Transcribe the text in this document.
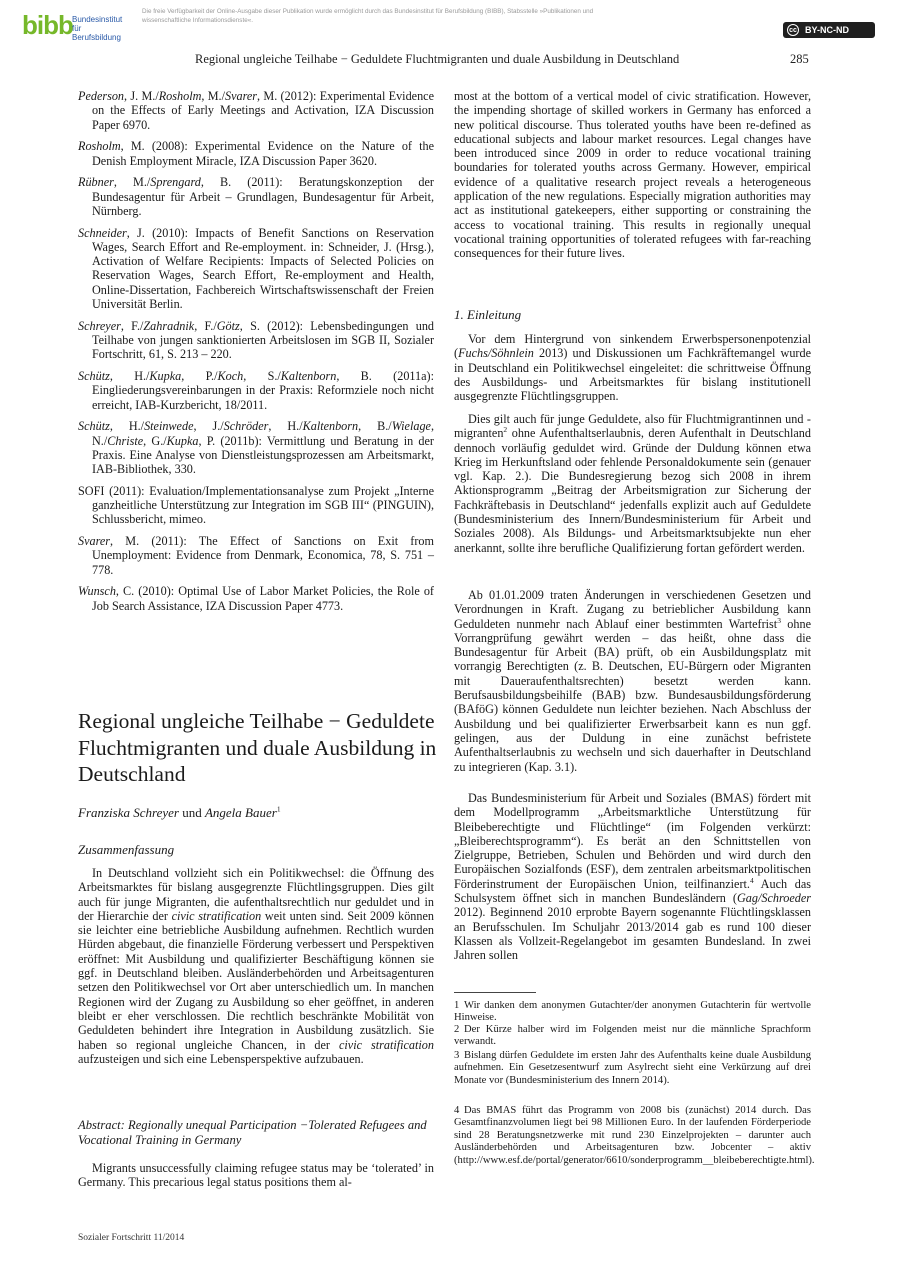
bibb Bundesinstitut für
Berufsbildung
Die freie Verfügbarkeit der Online-Ausgabe dieser Publikation wurde ermöglicht durch das Bundesinstitut für Berufsbildung (BIBB), Stabsstelle »Publikationen und wissenschaftliche Informationsdienste«.
cc BY-NC-ND
Regional ungleiche Teilhabe − Geduldete Fluchtmigranten und duale Ausbildung in Deutschland	285

Pederson, J. M./Rosholm, M./Svarer, M. (2012): Experimental Evidence on the Effects of Early Meetings and Activation, IZA Discussion Paper 6970.

Rosholm, M. (2008): Experimental Evidence on the Nature of the Denish Employment Miracle, IZA Discussion Paper 3620.

Rübner, M./Sprengard, B. (2011): Beratungskonzeption der Bundesagentur für Arbeit – Grundlagen, Bundesagentur für Arbeit, Nürnberg.

Schneider, J. (2010): Impacts of Benefit Sanctions on Reservation Wages, Search Effort and Re-employment. in: Schneider, J. (Hrsg.), Activation of Welfare Recipients: Impacts of Selected Policies on Reservation Wages, Search Effort, Re-employment and Health, Online-Dissertation, Fachbereich Wirtschaftswissenschaft der Freien Universität Berlin.

Schreyer, F./Zahradnik, F./Götz, S. (2012): Lebensbedingungen und Teilhabe von jungen sanktionierten Arbeitslosen im SGB II, Sozialer Fortschritt, 61, S. 213 – 220.

Schütz, H./Kupka, P./Koch, S./Kaltenborn, B. (2011a): Eingliederungsvereinbarungen in der Praxis: Reformziele noch nicht erreicht, IAB-Kurzbericht, 18/2011.

Schütz, H./Steinwede, J./Schröder, H./Kaltenborn, B./Wielage, N./Christe, G./Kupka, P. (2011b): Vermittlung und Beratung in der Praxis. Eine Analyse von Dienstleistungsprozessen am Arbeitsmarkt, IAB-Bibliothek, 330.

SOFI (2011): Evaluation/Implementationsanalyse zum Projekt „Interne ganzheitliche Unterstützung zur Integration im SGB III“ (PINGUIN), Schlussbericht, mimeo.

Svarer, M. (2011): The Effect of Sanctions on Exit from Unemployment: Evidence from Denmark, Economica, 78, S. 751 – 778.

Wunsch, C. (2010): Optimal Use of Labor Market Policies, the Role of Job Search Assistance, IZA Discussion Paper 4773.

Regional ungleiche Teilhabe − Geduldete Fluchtmigranten und duale Ausbildung in Deutschland
Franziska Schreyer und Angela Bauer$^1$
Zusammenfassung
In Deutschland vollzieht sich ein Politikwechsel: die Öffnung des Arbeitsmarktes für bislang ausgegrenzte Flüchtlingsgruppen. Dies gilt auch für junge Migranten, die aufenthaltsrechtlich nur geduldet und in der Hierarchie der civic stratification weit unten sind. Seit 2009 können sie leichter eine betriebliche Ausbildung aufnehmen. Rechtlich wurden Hürden abgebaut, die finanzielle Förderung verbessert und Perspektiven eröffnet: Mit Ausbildung und qualifizierter Beschäftigung können sie ggf. in Deutschland bleiben. Ausländerbehörden und Arbeitsagenturen setzen den Politikwechsel vor Ort aber unterschiedlich um. In manchen Regionen wird der Zugang zu Ausbildung so eher geöffnet, in anderen bleibt er eher verschlossen. Die rechtlich beschränkte Mobilität von Geduldeten behindert ihre Integration in Ausbildung zusätzlich. Sie haben so regional ungleiche Chancen, in der civic stratification aufzusteigen und sich eine Lebensperspektive aufzubauen.
Abstract: Regionally unequal Participation −Tolerated Refugees and Vocational Training in Germany
Migrants unsuccessfully claiming refugee status may be ‘tolerated’ in Germany. This precarious legal status positions them al-
most at the bottom of a vertical model of civic stratification. However, the impending shortage of skilled workers in Germany has enforced a new political discourse. Thus tolerated youths have been re-defined as educational subjects and labour market resources. Legal changes have been introduced since 2009 in order to reduce vocational training boundaries for tolerated youths across Germany. However, empirical evidence of a qualitative research project reveals a heterogeneous application of the new regulations. Especially migration authorities may act as institutional gatekeepers, either supporting or constraining the access to vocational training. This results in regionally unequal vocational training opportunities of tolerated refugees with far-reaching consequences for their future lives.
1. Einleitung
Vor dem Hintergrund von sinkendem Erwerbspersonenpotenzial (Fuchs/Söhnlein 2013) und Diskussionen um Fachkräftemangel wurde in Deutschland ein Politikwechsel eingeleitet: die schrittweise Öffnung des Ausbildungs- und Arbeitsmarktes für bislang institutionell ausgegrenzte Flüchtlingsgruppen.
Dies gilt auch für junge Geduldete, also für Fluchtmigrantinnen und -migranten$^2$ ohne Aufenthaltserlaubnis, deren Aufenthalt in Deutschland dennoch vorläufig geduldet wird. Gründe der Duldung können etwa Krieg im Herkunftsland oder fehlende Personaldokumente sein (genauer vgl. Kap. 2.). Die Bundesregierung bezog sich 2008 in ihrem Aktionsprogramm „Beitrag der Arbeitsmigration zur Sicherung der Fachkräftebasis in Deutschland“ jedenfalls explizit auch auf Geduldete (Bundesministerium des Innern/Bundesministerium für Arbeit und Soziales 2008). Als Bildungs- und Arbeitsmarktsubjekte nun eher anerkannt, sollte ihre berufliche Qualifizierung fortan gefördert werden.
Ab 01.01.2009 traten Änderungen in verschiedenen Gesetzen und Verordnungen in Kraft. Zugang zu betrieblicher Ausbildung kann Geduldeten nunmehr nach Ablauf einer bestimmten Wartefrist$^3$ ohne Vorrangprüfung gewährt werden – das heißt, ohne dass die Bundesagentur für Arbeit (BA) prüft, ob ein Ausbildungsplatz mit vorrangig Berechtigten (z. B. Deutschen, EU-Bürgern oder Migranten mit Daueraufenthaltsrechten) besetzt werden kann. Berufsausbildungsbeihilfe (BAB) bzw. Bundesausbildungsförderung (BAföG) können Geduldete nun leichter beziehen. Nach Abschluss der Ausbildung und bei qualifizierter Erwerbsarbeit kann es nun ggf. gelingen, aus der Duldung in eine zunächst befristete Aufenthaltserlaubnis zu wechseln und sich dauerhafter in Deutschland zu integrieren (Kap. 3.1).
Das Bundesministerium für Arbeit und Soziales (BMAS) fördert mit dem Modellprogramm „Arbeitsmarktliche Unterstützung für Bleibeberechtigte und Flüchtlinge“ (im Folgenden verkürzt: „Bleiberechtsprogramm“). Es berät an den Schnittstellen von Zielgruppe, Betrieben, Schulen und Behörden und wird durch den Europäischen Sozialfonds (ESF), dem zentralen arbeitsmarktpolitischen Förderinstrument der Europäischen Union, teilfinanziert.$^4$ Auch das Schulsystem öffnet sich in manchen Bundesländern (Gag/Schroeder 2012). Beginnend 2010 erprobte Bayern sogenannte Flüchtlingsklassen an Berufsschulen. Im Schuljahr 2013/2014 gab es rund 100 dieser Klassen als Vollzeit-Regelangebot im gesamten Bundesland. In zwei Jahren sollen
1 Wir danken dem anonymen Gutachter/der anonymen Gutachterin für wertvolle Hinweise.
2 Der Kürze halber wird im Folgenden meist nur die männliche Sprachform verwandt.
3 Bislang dürfen Geduldete im ersten Jahr des Aufenthalts keine duale Ausbildung aufnehmen. Ein Gesetzesentwurf zum Asylrecht sieht eine Verkürzung auf drei Monate vor (Bundesministerium des Innern 2014).
4 Das BMAS führt das Programm von 2008 bis (zunächst) 2014 durch. Das Gesamtfinanzvolumen liegt bei 98 Millionen Euro. In der laufenden Förderperiode sind 28 Beratungsnetzwerke mit rund 230 Einzelprojekten – darunter auch Ausländerbehörden und Arbeitsagenturen bzw. Jobcenter – aktiv (http://www.esf.de/portal/generator/6610/sonderprogramm__bleibeberechtigte.html).
Sozialer Fortschritt 11/2014
